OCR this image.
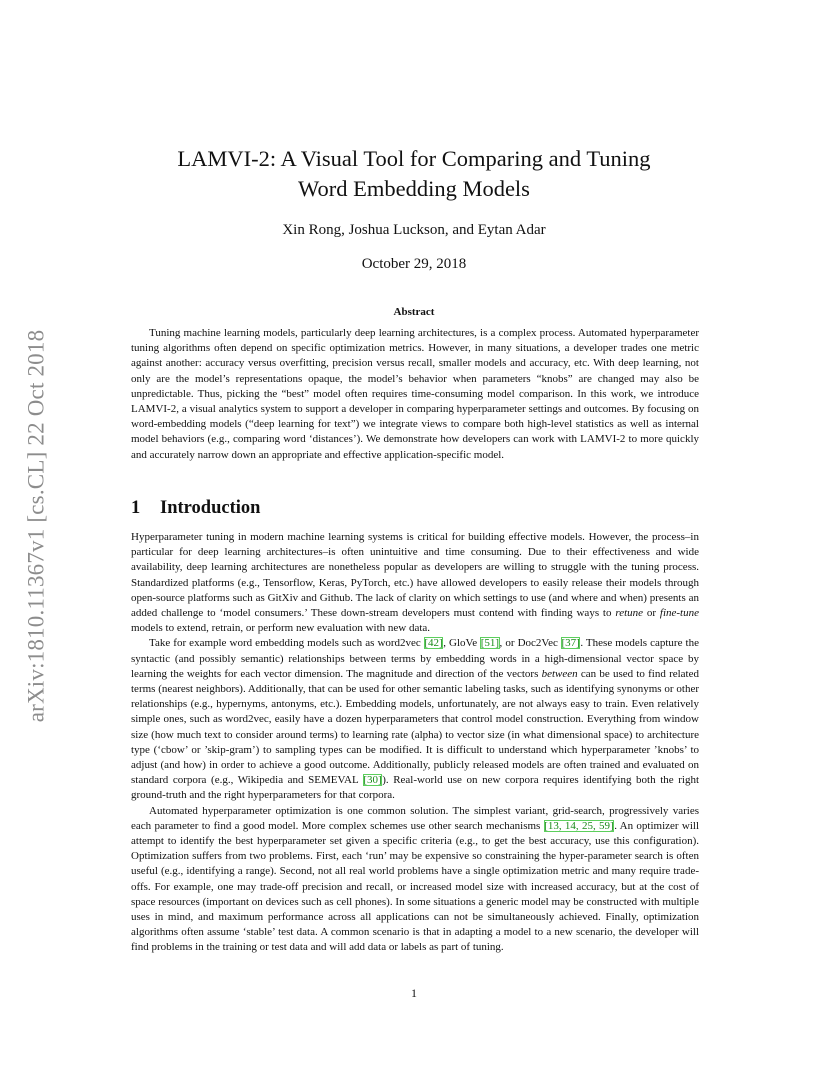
arXiv:1810.11367v1 [cs.CL] 22 Oct 2018
LAMVI-2: A Visual Tool for Comparing and Tuning
Word Embedding Models
Xin Rong, Joshua Luckson, and Eytan Adar
October 29, 2018
Abstract

Tuning machine learning models, particularly deep learning architectures, is a complex process. Automated hyperparameter tuning algorithms often depend on specific optimization metrics. However, in many situations, a developer trades one metric against another: accuracy versus overfitting, precision versus recall, smaller models and accuracy, etc. With deep learning, not only are the model’s representations opaque, the model’s behavior when parameters “knobs” are changed may also be unpredictable. Thus, picking the “best” model often requires time-consuming model comparison. In this work, we introduce LAMVI-2, a visual analytics system to support a developer in comparing hyperparameter settings and outcomes. By focusing on word-embedding models (“deep learning for text”) we integrate views to compare both high-level statistics as well as internal model behaviors (e.g., comparing word ‘distances’). We demonstrate how developers can work with LAMVI-2 to more quickly and accurately narrow down an appropriate and effective application-specific model.

1 Introduction

Hyperparameter tuning in modern machine learning systems is critical for building effective models. However, the process–in particular for deep learning architectures–is often unintuitive and time consuming. Due to their effectiveness and wide availability, deep learning architectures are nonetheless popular as developers are willing to struggle with the tuning process. Standardized platforms (e.g., Tensorflow, Keras, PyTorch, etc.) have allowed developers to easily release their models through open-source platforms such as GitXiv and Github. The lack of clarity on which settings to use (and where and when) presents an added challenge to ‘model consumers.’ These down-stream developers must contend with finding ways to retune or fine-tune models to extend, retrain, or perform new evaluation with new data.

Take for example word embedding models such as word2vec [42], GloVe [51], or Doc2Vec [37]. These models capture the syntactic (and possibly semantic) relationships between terms by embedding words in a high-dimensional vector space by learning the weights for each vector dimension. The magnitude and direction of the vectors between can be used to find related terms (nearest neighbors). Additionally, that can be used for other semantic labeling tasks, such as identifying synonyms or other relationships (e.g., hypernyms, antonyms, etc.). Embedding models, unfortunately, are not always easy to train. Even relatively simple ones, such as word2vec, easily have a dozen hyperparameters that control model construction. Everything from window size (how much text to consider around terms) to learning rate (alpha) to vector size (in what dimensional space) to architecture type (‘cbow’ or ’skip-gram’) to sampling types can be modified. It is difficult to understand which hyperparameter ’knobs’ to adjust (and how) in order to achieve a good outcome. Additionally, publicly released models are often trained and evaluated on standard corpora (e.g., Wikipedia and SEMEVAL [30]). Real-world use on new corpora requires identifying both the right ground-truth and the right hyperparameters for that corpora.

Automated hyperparameter optimization is one common solution. The simplest variant, grid-search, progressively varies each parameter to find a good model. More complex schemes use other search mechanisms [13, 14, 25, 59]. An optimizer will attempt to identify the best hyperparameter set given a specific criteria (e.g., to get the best accuracy, use this configuration). Optimization suffers from two problems. First, each ‘run’ may be expensive so constraining the hyper-parameter search is often useful (e.g., identifying a range). Second, not all real world problems have a single optimization metric and many require trade-offs. For example, one may trade-off precision and recall, or increased model size with increased accuracy, but at the cost of space resources (important on devices such as cell phones). In some situations a generic model may be constructed with multiple uses in mind, and maximum performance across all applications can not be simultaneously achieved. Finally, optimization algorithms often assume ‘stable’ test data. A common scenario is that in adapting a model to a new scenario, the developer will find problems in the training or test data and will add data or labels as part of tuning.

1
